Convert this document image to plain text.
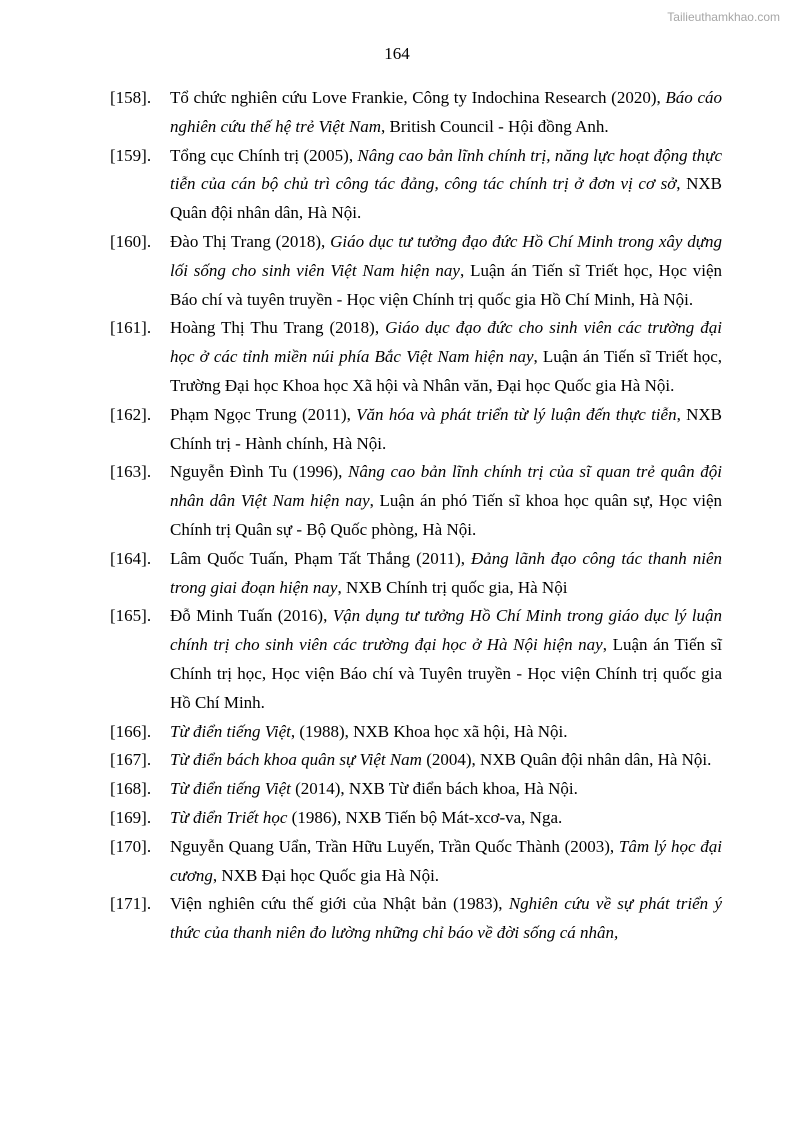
Tailieuthamkhao.com
164
[158].	Tổ chức nghiên cứu Love Frankie, Công ty Indochina Research (2020), Báo cáo nghiên cứu thế hệ trẻ Việt Nam, British Council - Hội đồng Anh.
[159].	Tổng cục Chính trị (2005), Nâng cao bản lĩnh chính trị, năng lực hoạt động thực tiễn của cán bộ chủ trì công tác đảng, công tác chính trị ở đơn vị cơ sở, NXB Quân đội nhân dân, Hà Nội.
[160].	Đào Thị Trang (2018), Giáo dục tư tưởng đạo đức Hồ Chí Minh trong xây dựng lối sống cho sinh viên Việt Nam hiện nay, Luận án Tiến sĩ Triết học, Học viện Báo chí và tuyên truyền - Học viện Chính trị quốc gia Hồ Chí Minh, Hà Nội.
[161].	Hoàng Thị Thu Trang (2018), Giáo dục đạo đức cho sinh viên các trường đại học ở các tỉnh miền núi phía Bắc Việt Nam hiện nay, Luận án Tiến sĩ Triết học, Trường Đại học Khoa học Xã hội và Nhân văn, Đại học Quốc gia Hà Nội.
[162].	Phạm Ngọc Trung (2011), Văn hóa và phát triển từ lý luận đến thực tiễn, NXB Chính trị - Hành chính, Hà Nội.
[163].	Nguyễn Đình Tu (1996), Nâng cao bản lĩnh chính trị của sĩ quan trẻ quân đội nhân dân Việt Nam hiện nay, Luận án phó Tiến sĩ khoa học quân sự, Học viện Chính trị Quân sự - Bộ Quốc phòng, Hà Nội.
[164].	Lâm Quốc Tuấn, Phạm Tất Thắng (2011), Đảng lãnh đạo công tác thanh niên trong giai đoạn hiện nay, NXB Chính trị quốc gia, Hà Nội
[165].	Đỗ Minh Tuấn (2016), Vận dụng tư tưởng Hồ Chí Minh trong giáo dục lý luận chính trị cho sinh viên các trường đại học ở Hà Nội hiện nay, Luận án Tiến sĩ Chính trị học, Học viện Báo chí và Tuyên truyền - Học viện Chính trị quốc gia Hồ Chí Minh.
[166].	Từ điển tiếng Việt, (1988), NXB Khoa học xã hội, Hà Nội.
[167].	Từ điển bách khoa quân sự Việt Nam (2004), NXB Quân đội nhân dân, Hà Nội.
[168].	Từ điển tiếng Việt (2014), NXB Từ điển bách khoa, Hà Nội.
[169].	Từ điển Triết học (1986), NXB Tiến bộ Mát-xcơ-va, Nga.
[170].	Nguyễn Quang Uẩn, Trần Hữu Luyến, Trần Quốc Thành (2003), Tâm lý học đại cương, NXB Đại học Quốc gia Hà Nội.
[171].	Viện nghiên cứu thế giới của Nhật bản (1983), Nghiên cứu về sự phát triển ý thức của thanh niên đo lường những chỉ báo về đời sống cá nhân,
